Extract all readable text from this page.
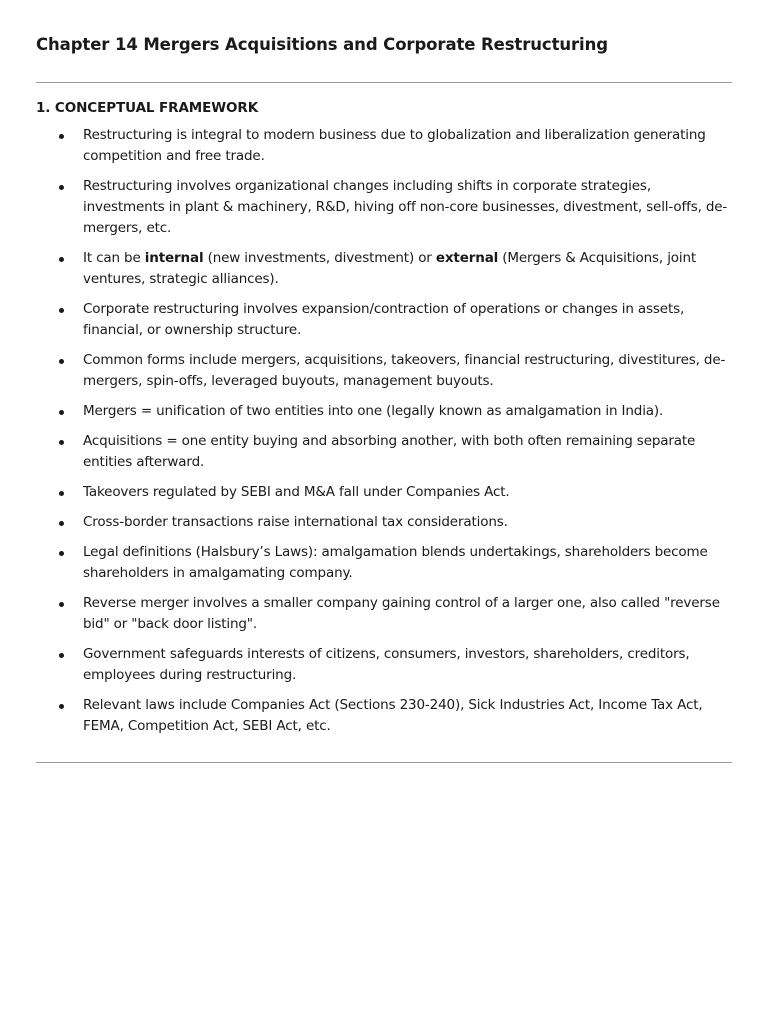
Chapter 14 Mergers Acquisitions and Corporate Restructuring
1. CONCEPTUAL FRAMEWORK
Restructuring is integral to modern business due to globalization and liberalization generating competition and free trade.
Restructuring involves organizational changes including shifts in corporate strategies, investments in plant & machinery, R&D, hiving off non-core businesses, divestment, sell-offs, de-mergers, etc.
It can be internal (new investments, divestment) or external (Mergers & Acquisitions, joint ventures, strategic alliances).
Corporate restructuring involves expansion/contraction of operations or changes in assets, financial, or ownership structure.
Common forms include mergers, acquisitions, takeovers, financial restructuring, divestitures, de-mergers, spin-offs, leveraged buyouts, management buyouts.
Mergers = unification of two entities into one (legally known as amalgamation in India).
Acquisitions = one entity buying and absorbing another, with both often remaining separate entities afterward.
Takeovers regulated by SEBI and M&A fall under Companies Act.
Cross-border transactions raise international tax considerations.
Legal definitions (Halsbury’s Laws): amalgamation blends undertakings, shareholders become shareholders in amalgamating company.
Reverse merger involves a smaller company gaining control of a larger one, also called "reverse bid" or "back door listing".
Government safeguards interests of citizens, consumers, investors, shareholders, creditors, employees during restructuring.
Relevant laws include Companies Act (Sections 230-240), Sick Industries Act, Income Tax Act, FEMA, Competition Act, SEBI Act, etc.
